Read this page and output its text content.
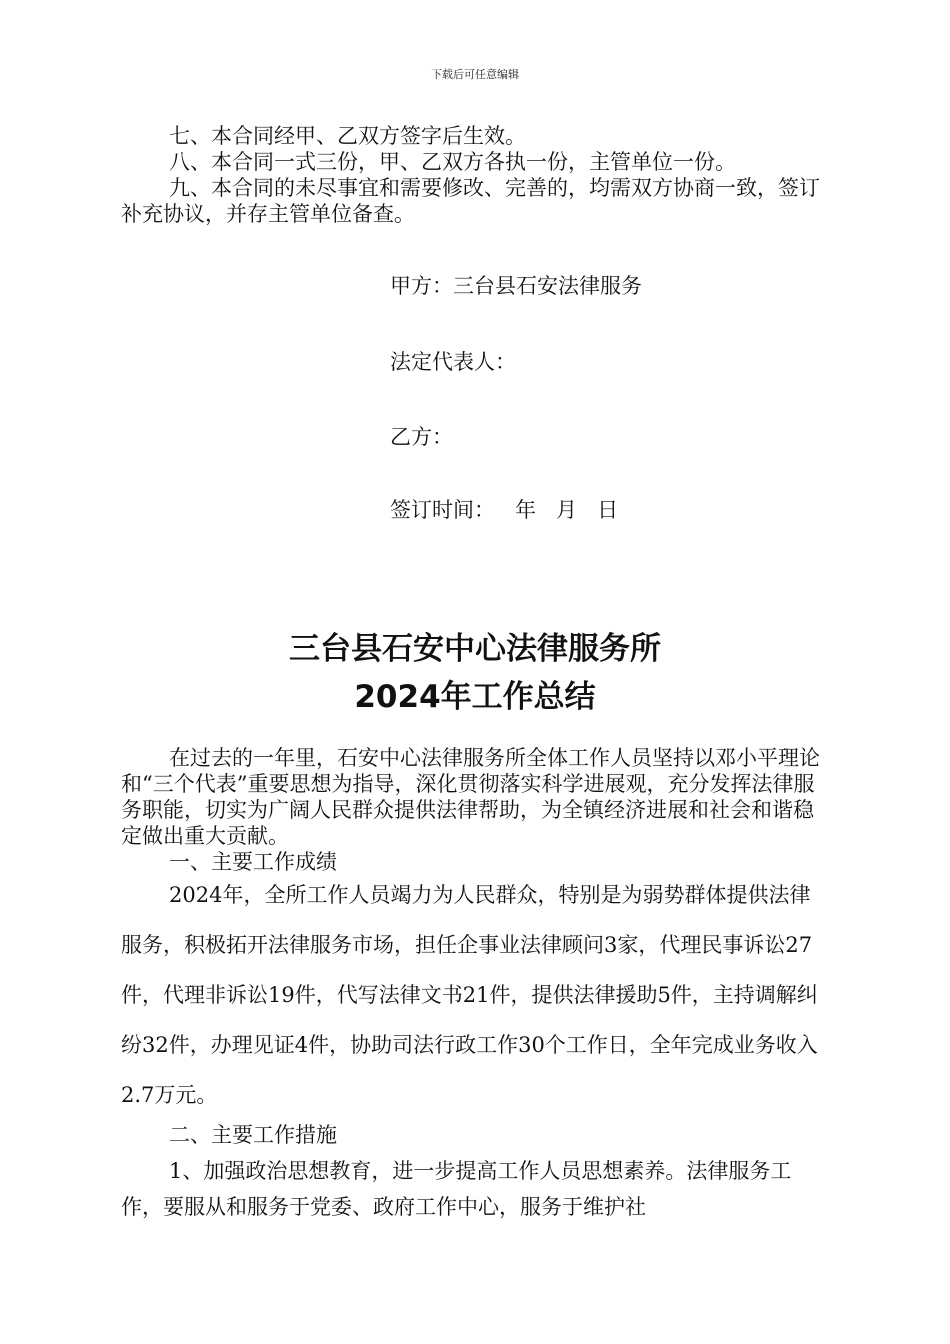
下载后可任意编辑

七、本合同经甲、乙双方签字后生效。

八、本合同一式三份，甲、乙双方各执一份，主管单位一份。

九、本合同的未尽事宜和需要修改、完善的，均需双方协商一致，签订补充协议，并存主管单位备查。

甲方：三台县石安法律服务
法定代表人：
乙方：
签订时间：   年   月   日
三台县石安中心法律服务所
2024年工作总结

在过去的一年里，石安中心法律服务所全体工作人员坚持以邓小平理论和“三个代表”重要思想为指导，深化贯彻落实科学进展观，充分发挥法律服务职能，切实为广阔人民群众提供法律帮助，为全镇经济进展和社会和谐稳定做出重大贡献。

一、主要工作成绩

2024年，全所工作人员竭力为人民群众，特别是为弱势群体提供法律服务，积极拓开法律服务市场，担任企事业法律顾问3家，代理民事诉讼27件，代理非诉讼19件，代写法律文书21件，提供法律援助5件，主持调解纠纷32件，办理见证4件，协助司法行政工作30个工作日，全年完成业务收入2.7万元。

二、主要工作措施

1、加强政治思想教育，进一步提高工作人员思想素养。法律服务工作，要服从和服务于党委、政府工作中心，服务于维护社
